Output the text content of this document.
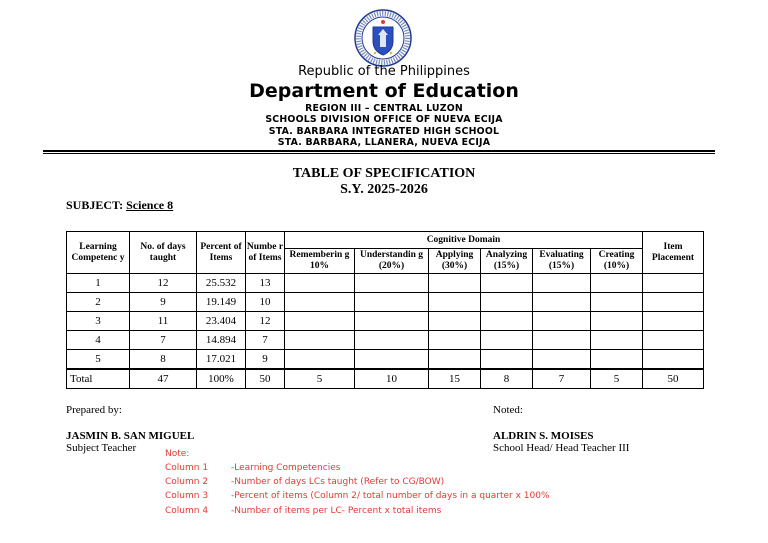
Republic of the Philippines
Department of Education
REGION III – CENTRAL LUZON
SCHOOLS DIVISION OFFICE OF NUEVA ECIJA
STA. BARBARA INTEGRATED HIGH SCHOOL
STA. BARBARA, LLANERA, NUEVA ECIJA
TABLE OF SPECIFICATION
S.Y. 2025-2026
SUBJECT: Science 8
Learning Competenc y	No. of days taught	Percent of Items	Numbe r of Items	Cognitive Domain						Item Placement
				Rememberin g 10%	Understandin g (20%)	Applying (30%)	Analyzing (15%)	Evaluating (15%)	Creating (10%)	
1	12	25.532	13							
2	9	19.149	10							
3	11	23.404	12							
4	7	14.894	7							
5	8	17.021	9							
Total	47	100%	50	5	10	15	8	7	5	50
Prepared by:	Noted:
JASMIN B. SAN MIGUEL
Subject Teacher
ALDRIN S. MOISES
School Head/ Head Teacher III
Note:
Column 1	-Learning Competencies
Column 2	-Number of days LCs taught (Refer to CG/BOW)
Column 3	-Percent of items (Column 2/ total number of days in a quarter x 100%
Column 4	-Number of items per LC- Percent x total items
